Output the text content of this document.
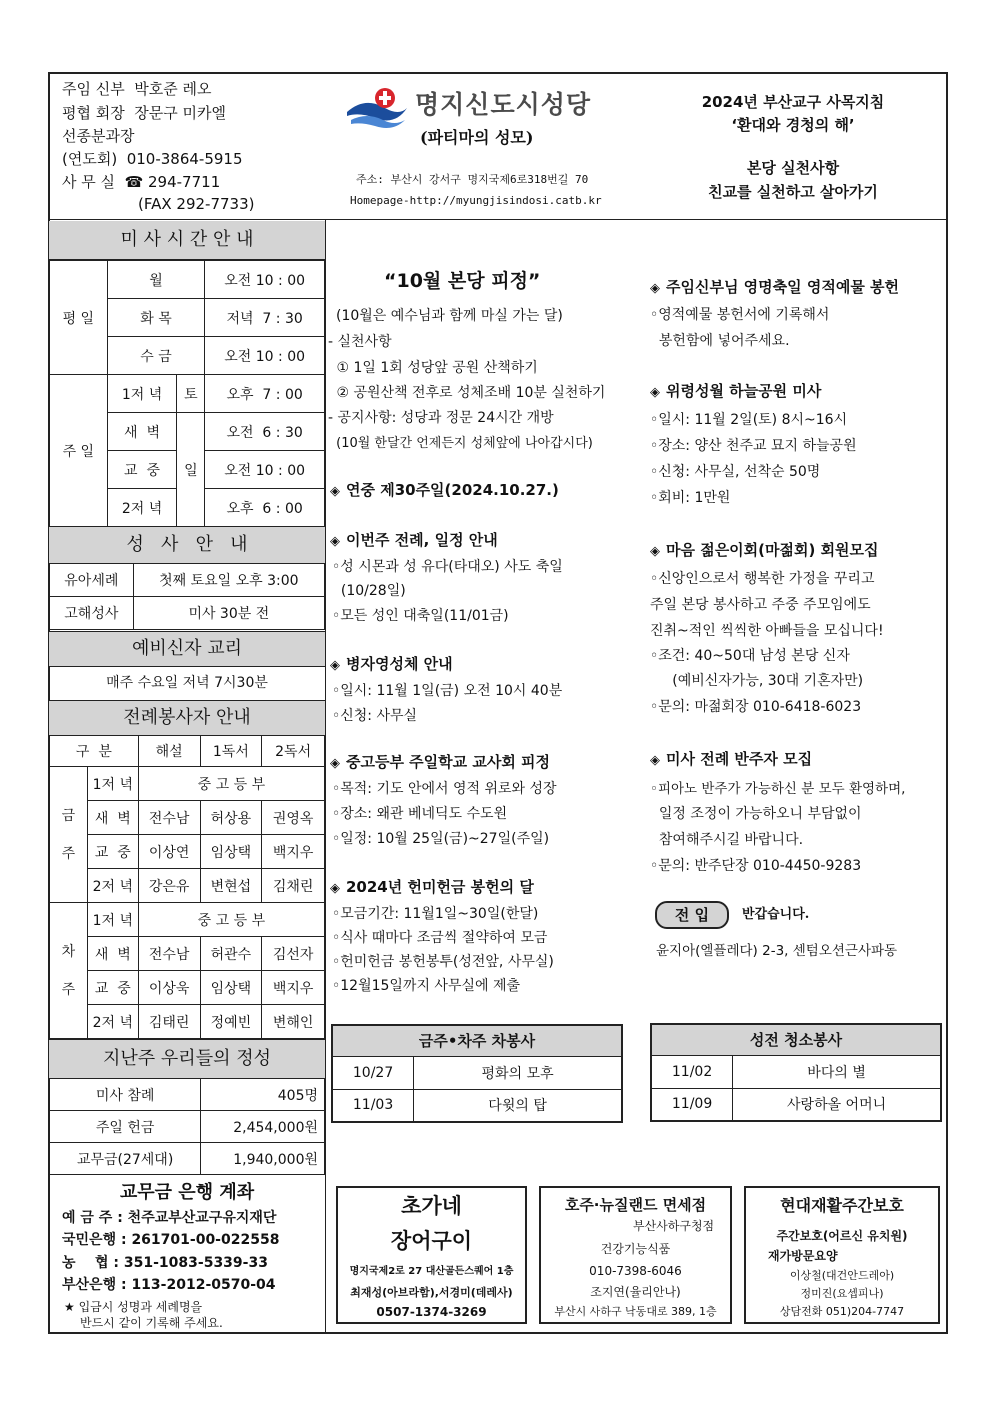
주임 신부 박호준 레오
평협 회장 장문구 미카엘
선종분과장
(연도회)  010-3864-5915
사 무 실 ☎ 294-7711
(FAX 292-7733)
명지신도시성당
(파티마의 성모)
주소: 부산시 강서구 명지국제6로318번길 70
Homepage-http://myungjisindosi.catb.kr
2024년 부산교구 사목지침
‘환대와 경청의 해’
본당 실천사항
친교를 실천하고 살아가기
미 사 시 간 안 내
평 일	월		오전 10 : 00
	화 목		저녁  7 : 30
	수 금		오전 10 : 00
주 일	1저 녁	토	오후  7 : 00
	새  벽	일	오전  6 : 30
	교  중		오전 10 : 00
	2저 녁		오후  6 : 00
성   사   안   내
유아세례	첫째 토요일 오후 3:00
고해성사	미사 30분 전
예비신자 교리
매주 수요일 저녁 7시30분
전례봉사자 안내
구  분		해설	1독서	2독서
금
주	1저 녁	중 고 등 부		
	새  벽	전수남	허상용	권영옥
	교  중	이상연	임상택	백지우
	2저 녁	강은유	변현섭	김채린
차
주	1저 녁	중 고 등 부		
	새  벽	전수남	허관수	김선자
	교  중	이상욱	임상택	백지우
	2저 녁	김태린	정예빈	변해인
지난주 우리들의 정성
미사 참례	405명
주일 헌금	2,454,000원
교무금(27세대)	1,940,000원
교무금 은행 계좌
예 금 주 : 천주교부산교구유지재단
국민은행 : 261701-00-022558
농    협 : 351-1083-5339-33
부산은행 : 113-2012-0570-04
★ 입금시 성명과 세례명을
반드시 같이 기록해 주세요.
“10월 본당 피정”
(10월은 예수님과 함께 마실 가는 달)
- 실천사항
① 1일 1회 성당앞 공원 산책하기
② 공원산책 전후로 성체조배 10분 실천하기
- 공지사항: 성당과 정문 24시간 개방
(10월 한달간 언제든지 성체앞에 나아갑시다)
◈ 연중 제30주일(2024.10.27.)
◈ 이번주 전례, 일정 안내
◦성 시몬과 성 유다(타대오) 사도 축일
(10/28일)
◦모든 성인 대축일(11/01금)
◈ 병자영성체 안내
◦일시: 11월 1일(금) 오전 10시 40분
◦신청: 사무실
◈ 중고등부 주일학교 교사회 피정
◦목적: 기도 안에서 영적 위로와 성장
◦장소: 왜관 베네딕도 수도원
◦일정: 10월 25일(금)~27일(주일)
◈ 2024년 헌미헌금 봉헌의 달
◦모금기간: 11월1일~30일(한달)
◦식사 때마다 조금씩 절약하여 모금
◦헌미헌금 봉헌봉투(성전앞, 사무실)
◦12월15일까지 사무실에 제출
◈ 주임신부님 영명축일 영적예물 봉헌
◦영적예물 봉헌서에 기록해서
봉헌함에 넣어주세요.
◈ 위령성월 하늘공원 미사
◦일시: 11월 2일(토) 8시~16시
◦장소: 양산 천주교 묘지 하늘공원
◦신청: 사무실, 선착순 50명
◦회비: 1만원
◈ 마음 젊은이회(마젊회) 회원모집
◦신앙인으로서 행복한 가정을 꾸리고
주일 본당 봉사하고 주중 주모임에도
진취~적인 씩씩한 아빠들을 모십니다!
◦조건: 40~50대 남성 본당 신자
(예비신자가능, 30대 기혼자만)
◦문의: 마젊회장 010-6418-6023
◈ 미사 전례 반주자 모집
◦피아노 반주가 가능하신 분 모두 환영하며,
일정 조정이 가능하오니 부담없이
참여해주시길 바랍니다.
◦문의: 반주단장 010-4450-9283
전 입	반갑습니다.
윤지아(엘플레다) 2-3, 센텀오션근사파동
금주•차주 차봉사	
10/27	평화의 모후
11/03	다윗의 탑
성전 청소봉사	
11/02	바다의 별
11/09	사랑하올 어머니
초가네
장어구이
명지국제2로 27 대산골든스퀘어 1층
최재성(아브라함),서경미(데레사)
0507-1374-3269
호주·뉴질랜드 면세점
부산사하구청점
건강기능식품
010-7398-6046
조지연(율리안나)
부산시 사하구 낙동대로 389, 1층
현대재활주간보호
주간보호(어르신 유치원)
재가방문요양
이상철(대건안드레아)
정미진(요셉피나)
상담전화 051)204-7747
